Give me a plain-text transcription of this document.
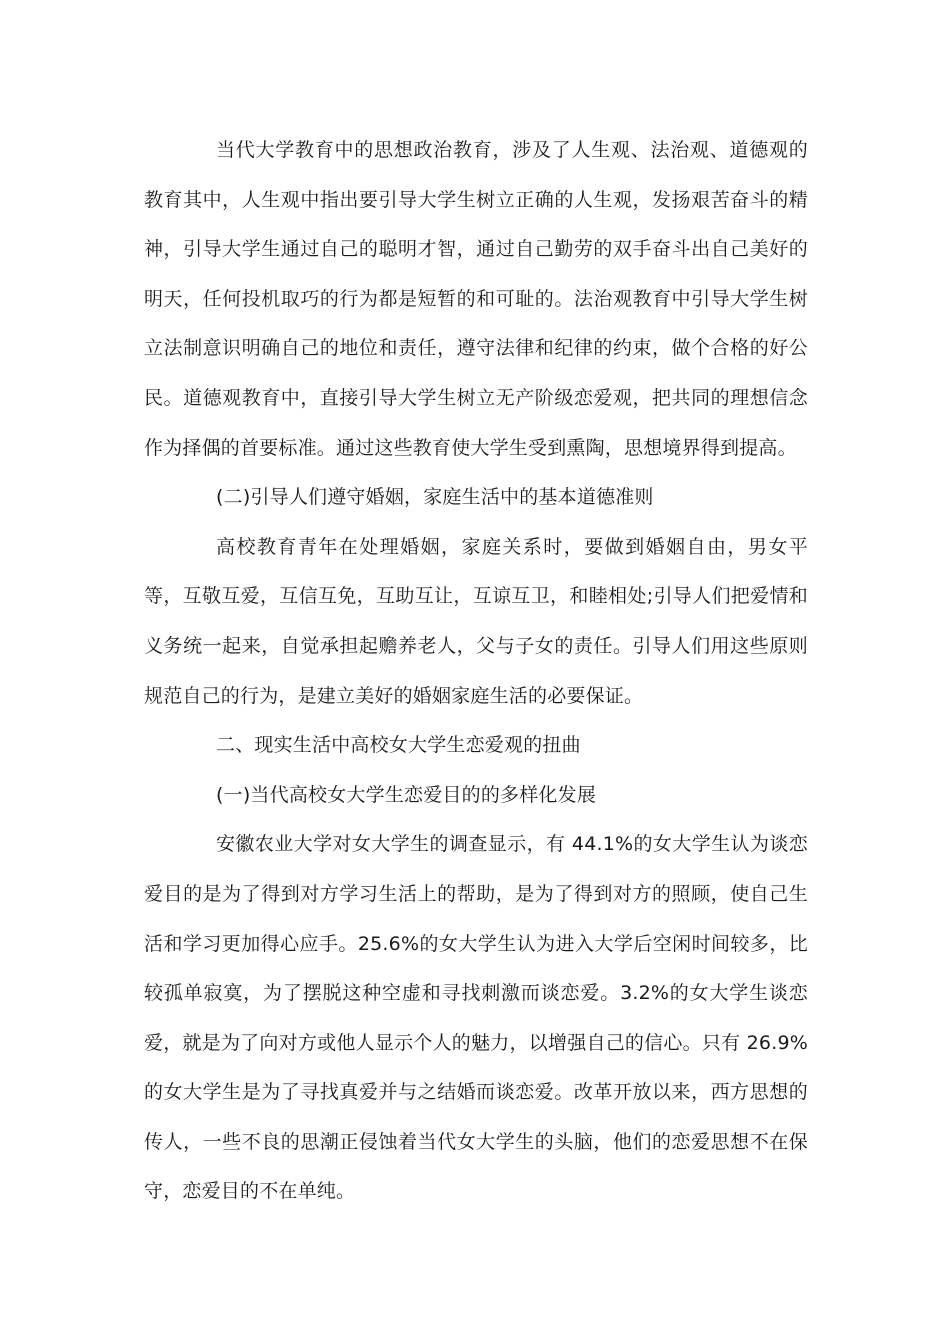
当代大学教育中的思想政治教育，涉及了人生观、法治观、道德观的教育其中，人生观中指出要引导大学生树立正确的人生观，发扬艰苦奋斗的精神，引导大学生通过自己的聪明才智，通过自己勤劳的双手奋斗出自己美好的明天，任何投机取巧的行为都是短暂的和可耻的。法治观教育中引导大学生树立法制意识明确自己的地位和责任，遵守法律和纪律的约束，做个合格的好公民。道德观教育中，直接引导大学生树立无产阶级恋爱观，把共同的理想信念作为择偶的首要标准。通过这些教育使大学生受到熏陶，思想境界得到提高。

(二)引导人们遵守婚姻，家庭生活中的基本道德准则

高校教育青年在处理婚姻，家庭关系时，要做到婚姻自由，男女平等，互敬互爱，互信互免，互助互让，互谅互卫，和睦相处;引导人们把爱情和义务统一起来，自觉承担起赡养老人，父与子女的责任。引导人们用这些原则规范自己的行为，是建立美好的婚姻家庭生活的必要保证。

二、现实生活中高校女大学生恋爱观的扭曲

(一)当代高校女大学生恋爱目的的多样化发展

安徽农业大学对女大学生的调查显示，有 44.1%的女大学生认为谈恋爱目的是为了得到对方学习生活上的帮助，是为了得到对方的照顾，使自己生活和学习更加得心应手。25.6%的女大学生认为进入大学后空闲时间较多，比较孤单寂寞，为了摆脱这种空虚和寻找刺激而谈恋爱。3.2%的女大学生谈恋爱，就是为了向对方或他人显示个人的魅力，以增强自己的信心。只有 26.9%的女大学生是为了寻找真爱并与之结婚而谈恋爱。改革开放以来，西方思想的传人，一些不良的思潮正侵蚀着当代女大学生的头脑，他们的恋爱思想不在保守，恋爱目的不在单纯。
